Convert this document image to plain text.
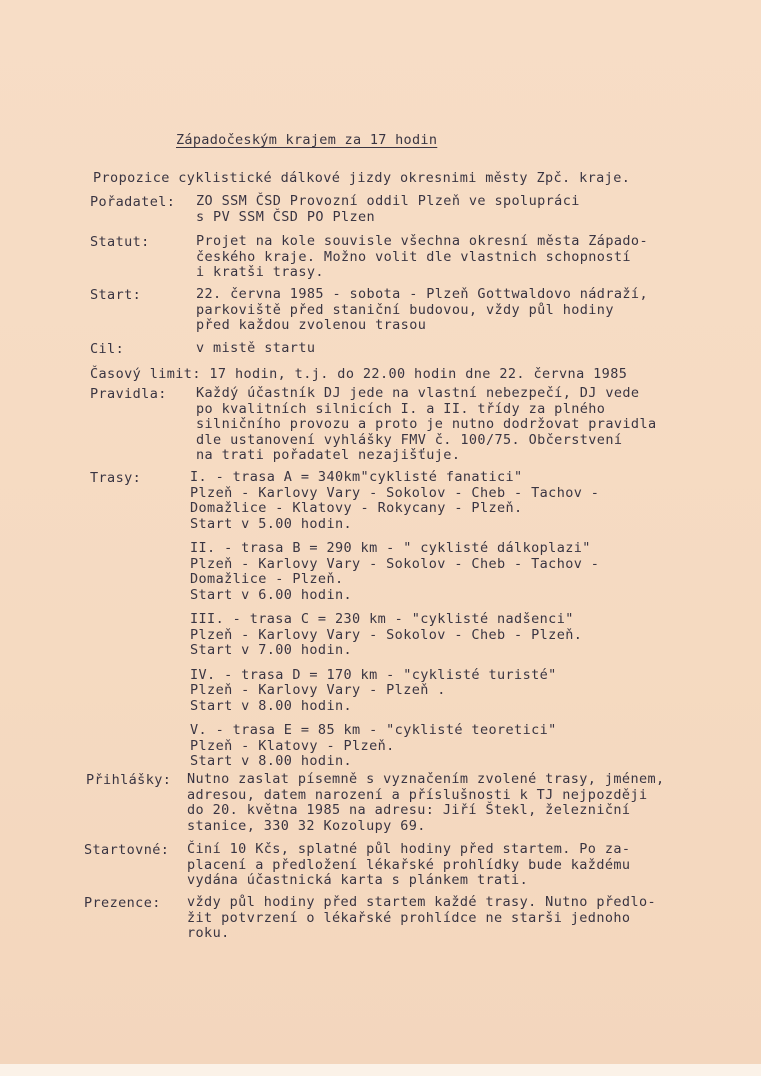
Západočeským krajem za 17 hodin
Propozice cyklistické dálkové jizdy okresnimi městy Zpč. kraje.
Pořadatel: ZO SSM ČSD Provozní oddil Plzeň ve spolupráci
s PV SSM ČSD PO Plzen
Statut:	Projet na kole souvisle všechna okresní města Západo-
českého kraje. Možno volit dle vlastnich schopností
i kratši trasy.
Start:	22. června 1985 - sobota - Plzeň Gottwaldovo nádraží,
parkoviště před staniční budovou, vždy půl hodiny
před každou zvolenou trasou
Cil:	v mistě startu
Časový limit: 17 hodin, t.j. do 22.00 hodin dne 22. června 1985
Pravidla: Každý účastník DJ jede na vlastní nebezpečí, DJ vede
po kvalitních silnicích I. a II. třídy za plného
silničního provozu a proto je nutno dodržovat pravidla
dle ustanovení vyhlášky FMV č. 100/75. Občerstvení
na trati pořadatel nezajišťuje.
Trasy:	I. - trasa A = 340km"cyklisté fanatici"
Plzeň - Karlovy Vary - Sokolov - Cheb - Tachov -
Domažlice - Klatovy - Rokycany - Plzeň.
Start v 5.00 hodin.
II. - trasa B = 290 km - " cyklisté dálkoplazi"
Plzeň - Karlovy Vary - Sokolov - Cheb - Tachov -
Domažlice - Plzeň.
Start v 6.00 hodin.
III. - trasa C = 230 km - "cyklisté nadšenci"
Plzeň - Karlovy Vary - Sokolov - Cheb - Plzeň.
Start v 7.00 hodin.
IV. - trasa D = 170 km - "cyklisté turisté"
Plzeň - Karlovy Vary - Plzeň .
Start v 8.00 hodin.
V. - trasa E = 85 km - "cyklisté teoretici"
Plzeň - Klatovy - Plzeň.
Start v 8.00 hodin.
Přihlášky: Nutno zaslat písemně s vyznačením zvolené trasy, jménem,
adresou, datem narození a příslušnosti k TJ nejpozději
do 20. května 1985 na adresu: Jiří Štekl, železniční
stanice, 330 32 Kozolupy 69.
Startovné: Činí 10 Kčs, splatné půl hodiny před startem. Po za-
placení a předložení lékařské prohlídky bude každému
vydána účastnická karta s plánkem trati.
Prezence: vždy půl hodiny před startem každé trasy. Nutno předlo-
žit potvrzení o lékařské prohlídce ne starši jednoho
roku.
